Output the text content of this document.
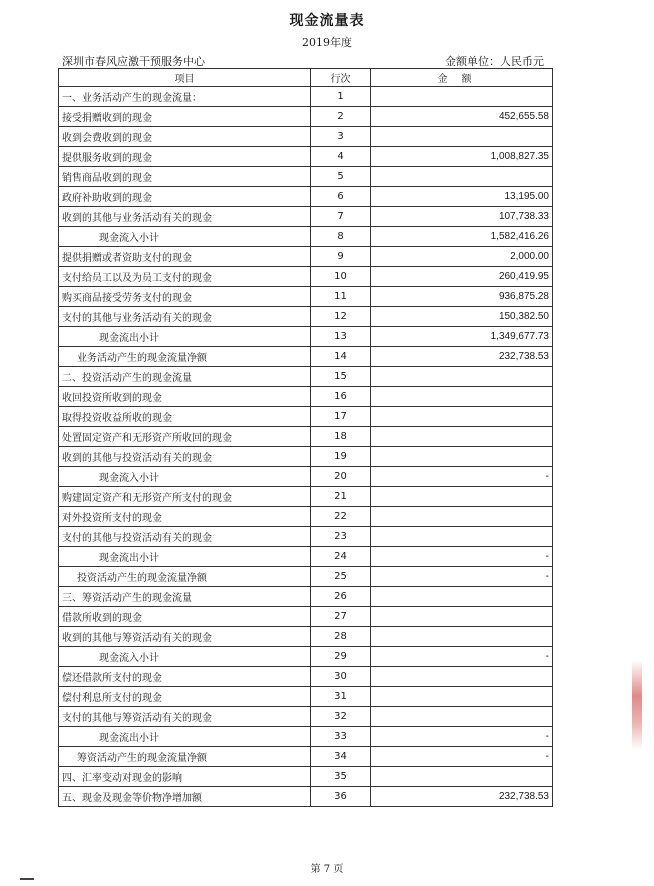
现金流量表
2019年度
深圳市春风应激干预服务中心	金额单位：人民币元
项目	行次	金额
一、业务活动产生的现金流量：	1	
接受捐赠收到的现金	2	452,655.58
收到会费收到的现金	3	
提供服务收到的现金	4	1,008,827.35
销售商品收到的现金	5	
政府补助收到的现金	6	13,195.00
收到的其他与业务活动有关的现金	7	107,738.33
现金流入小计	8	1,582,416.26
提供捐赠或者资助支付的现金	9	2,000.00
支付给员工以及为员工支付的现金	10	260,419.95
购买商品接受劳务支付的现金	11	936,875.28
支付的其他与业务活动有关的现金	12	150,382.50
现金流出小计	13	1,349,677.73
业务活动产生的现金流量净额	14	232,738.53
二、投资活动产生的现金流量	15	
收回投资所收到的现金	16	
取得投资收益所收的现金	17	
处置固定资产和无形资产所收回的现金	18	
收到的其他与投资活动有关的现金	19	
现金流入小计	20	-
购建固定资产和无形资产所支付的现金	21	
对外投资所支付的现金	22	
支付的其他与投资活动有关的现金	23	
现金流出小计	24	-
投资活动产生的现金流量净额	25	-
三、筹资活动产生的现金流量	26	
借款所收到的现金	27	
收到的其他与筹资活动有关的现金	28	
现金流入小计	29	-
偿还借款所支付的现金	30	
偿付利息所支付的现金	31	
支付的其他与筹资活动有关的现金	32	
现金流出小计	33	-
筹资活动产生的现金流量净额	34	-
四、汇率变动对现金的影响	35	
五、现金及现金等价物净增加额	36	232,738.53
第 7 页
